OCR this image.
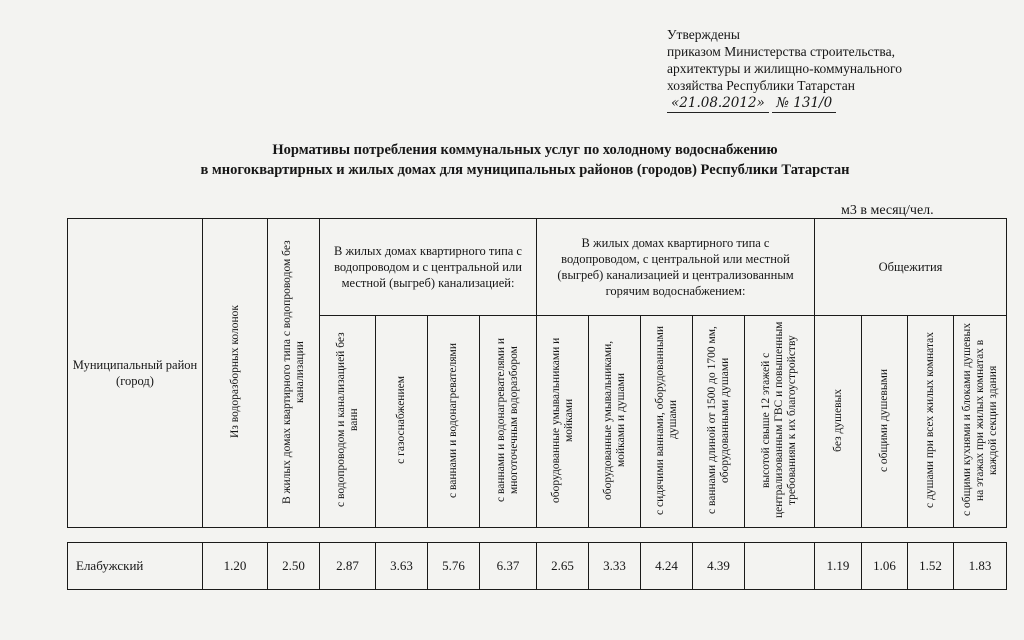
Утверждены
приказом Министерства строительства,
архитектуры и жилищно-коммунального
хозяйства Республики Татарстан
«21.08.2012» № 131/0
Нормативы потребления коммунальных услуг по холодному водоснабжению
в многоквартирных и жилых домах для муниципальных районов (городов) Республики Татарстан
м3 в месяц/чел.
Муниципальный район (город)	Из водоразборных колонок	В жилых домах квартирного типа с водопроводом без канализации	В жилых домах квартирного типа с водопроводом и с центральной или местной (выгреб) канализацией:				В жилых домах квартирного типа с водопроводом, с центральной или местной (выгреб) канализацией и централизованным горячим водоснабжением:					Общежития			
			с водопроводом и канализацией без ванн	с газоснабжением	с ваннами и водонагревателями	с ваннами и водонагревателями и многоточечным водоразбором	оборудованные умывальниками и мойками	оборудованные умывальниками, мойками и душами	с сидячими ваннами, оборудованными душами	с ваннами длиной от 1500 до 1700 мм, оборудованными душами	высотой свыше 12 этажей с централизованным ГВС и повышенным требованиям к их благоустройству	без душевых	с общими душевыми	с душами при всех жилых комнатах	с общими кухнями и блоками душевых на этажах при жилых комнатах в каждой секции здания

Елабужский	1.20	2.50	2.87	3.63	5.76	6.37	2.65	3.33	4.24	4.39		1.19	1.06	1.52	1.83
